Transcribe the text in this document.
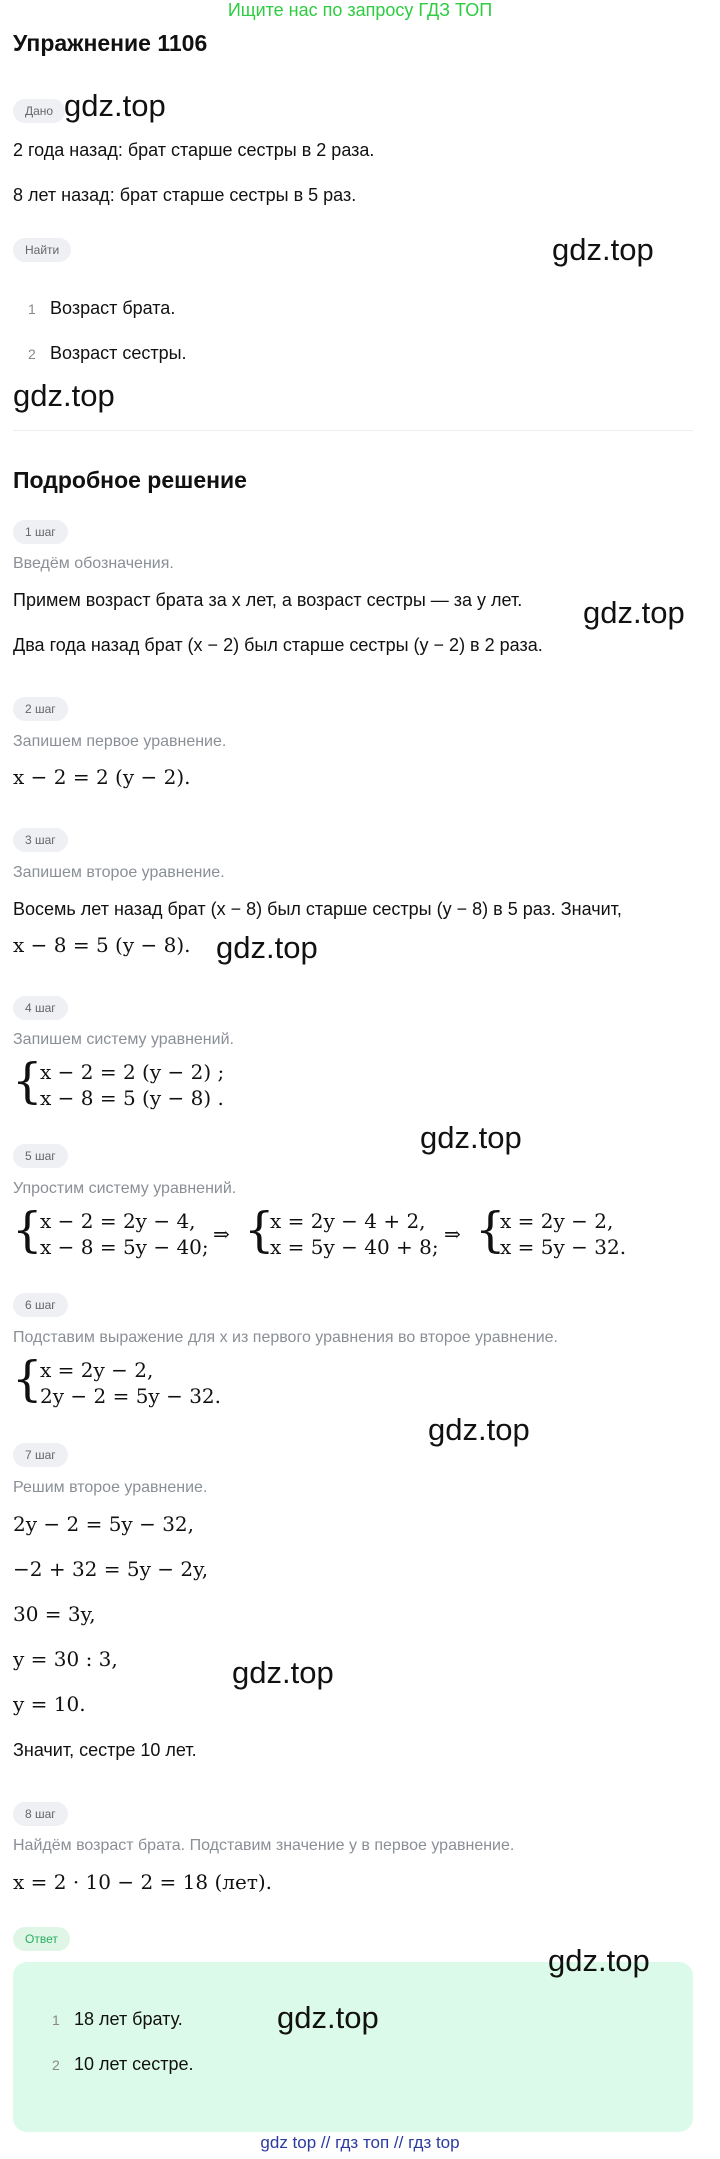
Ищите нас по запросу ГДЗ ТОП
Упражнение 1106
Дано gdz.top
2 года назад: брат старше сестры в 2 раза.
8 лет назад: брат старше сестры в 5 раз.
Найти	gdz.top
1 Возраст брата.
2 Возраст сестры.
gdz.top
Подробное решение
1 шаг
Введём обозначения.
Примем возраст брата за x лет, а возраст сестры — за y лет. gdz.top
Два года назад брат (x − 2) был старше сестры (y − 2) в 2 раза.
2 шаг
Запишем первое уравнение.
x − 2 = 2 (y − 2).
3 шаг
Запишем второе уравнение.
Восемь лет назад брат (x − 8) был старше сестры (y − 8) в 5 раз. Значит,
x − 8 = 5 (y − 8). gdz.top
4 шаг
Запишем систему уравнений.
{
x − 2 = 2 (y − 2) ;
x − 8 = 5 (y − 8) .
gdz.top
5 шаг
Упростим систему уравнений.
{
x − 2 = 2y − 4,
x − 8 = 5y − 40;
⇒ {
x = 2y − 4 + 2,
x = 5y − 40 + 8;
⇒ {
x = 2y − 2,
x = 5y − 32.
6 шаг
Подставим выражение для x из первого уравнения во второе уравнение.
{
x = 2y − 2,
2y − 2 = 5y − 32.
gdz.top
7 шаг
Решим второе уравнение.
2y − 2 = 5y − 32,
−2 + 32 = 5y − 2y,
30 = 3y,
y = 30 : 3,	gdz.top
y = 10.
Значит, сестре 10 лет.
8 шаг
Найдём возраст брата. Подставим значение y в первое уравнение.
x = 2 · 10 − 2 = 18 (лет).
Ответ
gdz.top
1 18 лет брату.	gdz.top
2 10 лет сестре.
gdz top // гдз топ // гдз top
